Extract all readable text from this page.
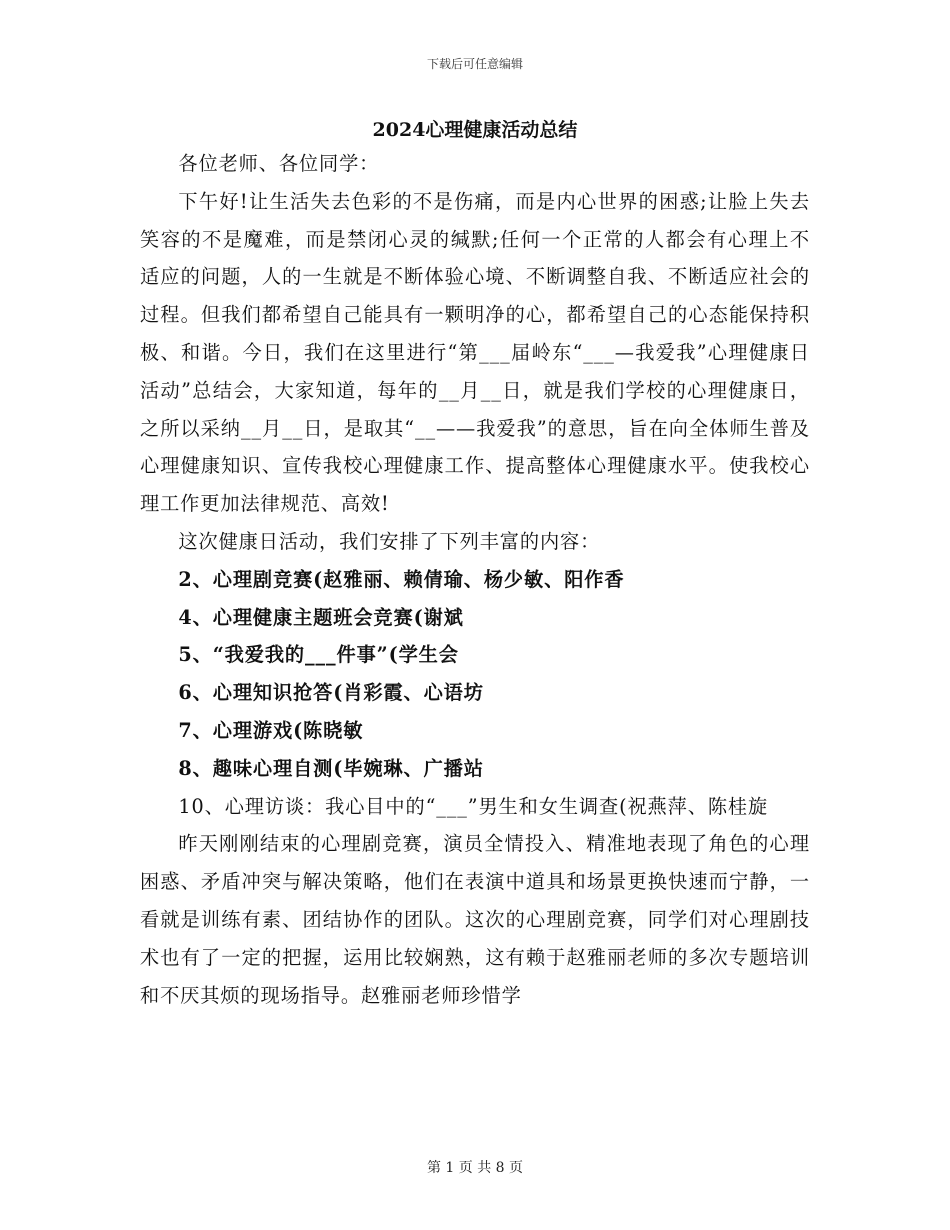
下载后可任意编辑
2024心理健康活动总结

各位老师、各位同学：

下午好!让生活失去色彩的不是伤痛，而是内心世界的困惑;让脸上失去笑容的不是魔难，而是禁闭心灵的缄默;任何一个正常的人都会有心理上不适应的问题，人的一生就是不断体验心境、不断调整自我、不断适应社会的过程。但我们都希望自己能具有一颗明净的心，都希望自己的心态能保持积极、和谐。今日，我们在这里进行“第___届岭东“___—我爱我”心理健康日活动”总结会，大家知道，每年的__月__日，就是我们学校的心理健康日，之所以采纳__月__日，是取其“__——我爱我”的意思，旨在向全体师生普及心理健康知识、宣传我校心理健康工作、提高整体心理健康水平。使我校心理工作更加法律规范、高效!

这次健康日活动，我们安排了下列丰富的内容：

2、心理剧竞赛(赵雅丽、赖倩瑜、杨少敏、阳作香

4、心理健康主题班会竞赛(谢斌

5、“我爱我的___件事”(学生会

6、心理知识抢答(肖彩霞、心语坊

7、心理游戏(陈晓敏

8、趣味心理自测(毕婉琳、广播站

10、心理访谈：我心目中的“___”男生和女生调查(祝燕萍、陈桂旋

昨天刚刚结束的心理剧竞赛，演员全情投入、精准地表现了角色的心理困惑、矛盾冲突与解决策略，他们在表演中道具和场景更换快速而宁静，一看就是训练有素、团结协作的团队。这次的心理剧竞赛，同学们对心理剧技术也有了一定的把握，运用比较娴熟，这有赖于赵雅丽老师的多次专题培训和不厌其烦的现场指导。赵雅丽老师珍惜学

第 1 页 共 8 页
